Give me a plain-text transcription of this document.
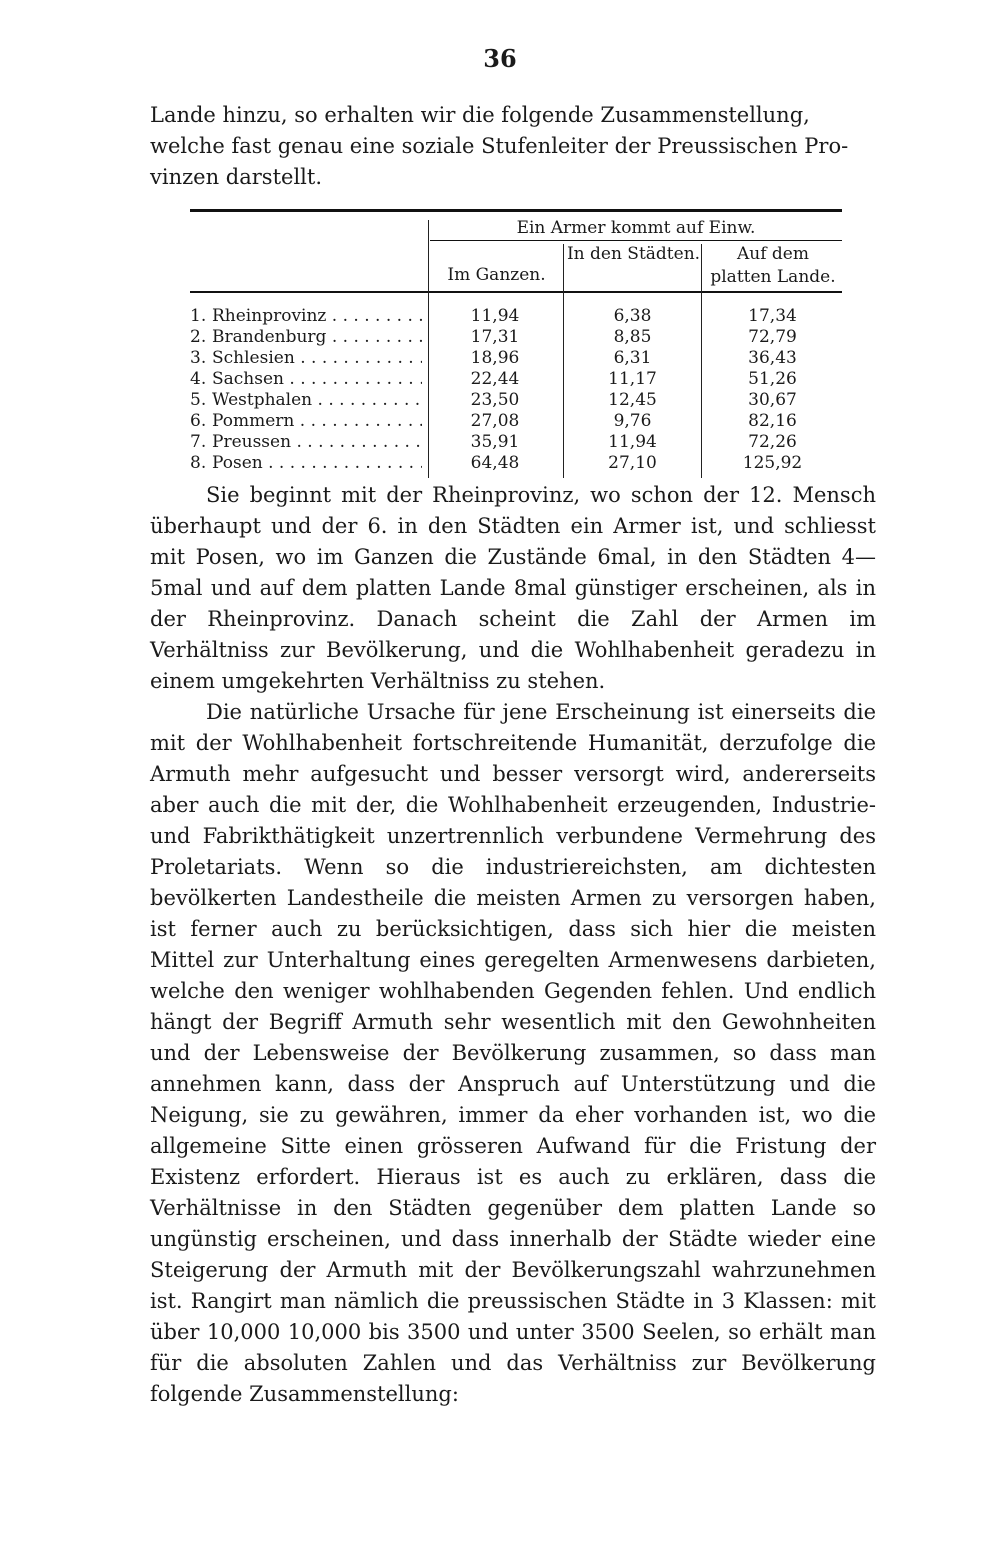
36
Lande hinzu, so erhalten wir die folgende Zusammenstellung,
welche fast genau eine soziale Stufenleiter der Preussischen Pro-
vinzen darstellt.
Ein Armer kommt auf Einw.
Im Ganzen.
In den Städten.	Auf dem platten Lande.
1. Rheinprovinz . . .	11,94	6,38	17,34
2. Brandenburg . . .	17,31	8,85	72,79
3. Schlesien . . .	18,96	6,31	36,43
4. Sachsen . . .	22,44	11,17	51,26
5. Westphalen . . .	23,50	12,45	30,67
6. Pommern . . .	27,08	9,76	82,16
7. Preussen . . .	35,91	11,94	72,26
8. Posen . . .	64,48	27,10	125,92

Sie beginnt mit der Rheinprovinz, wo schon der 12. Mensch überhaupt und der 6. in den Städten ein Armer ist, und schliesst mit Posen, wo im Ganzen die Zustände 6mal, in den Städten 4—5mal und auf dem platten Lande 8mal günstiger erscheinen, als in der Rheinprovinz. Danach scheint die Zahl der Armen im Verhältniss zur Bevölkerung, und die Wohlhabenheit geradezu in einem umgekehrten Verhältniss zu stehen.

Die natürliche Ursache für jene Erscheinung ist einerseits die mit der Wohlhabenheit fortschreitende Humanität, derzufolge die Armuth mehr aufgesucht und besser versorgt wird, andererseits aber auch die mit der, die Wohlhabenheit erzeugenden, Industrie- und Fabrikthätigkeit unzertrennlich verbundene Vermehrung des Proletariats. Wenn so die industriereichsten, am dichtesten bevölkerten Landestheile die meisten Armen zu versorgen haben, ist ferner auch zu berücksichtigen, dass sich hier die meisten Mittel zur Unterhaltung eines geregelten Armenwesens darbieten, welche den weniger wohlhabenden Gegenden fehlen. Und endlich hängt der Begriff Armuth sehr wesentlich mit den Gewohnheiten und der Lebensweise der Bevölkerung zusammen, so dass man annehmen kann, dass der Anspruch auf Unterstützung und die Neigung, sie zu gewähren, immer da eher vorhanden ist, wo die allgemeine Sitte einen grösseren Aufwand für die Fristung der Existenz erfordert. Hieraus ist es auch zu erklären, dass die Verhältnisse in den Städten gegenüber dem platten Lande so ungünstig erscheinen, und dass innerhalb der Städte wieder eine Steigerung der Armuth mit der Bevölkerungszahl wahrzunehmen ist. Rangirt man nämlich die preussischen Städte in 3 Klassen: mit über 10,000 10,000 bis 3500 und unter 3500 Seelen, so erhält man für die absoluten Zahlen und das Verhältniss zur Bevölkerung folgende Zusammenstellung:
